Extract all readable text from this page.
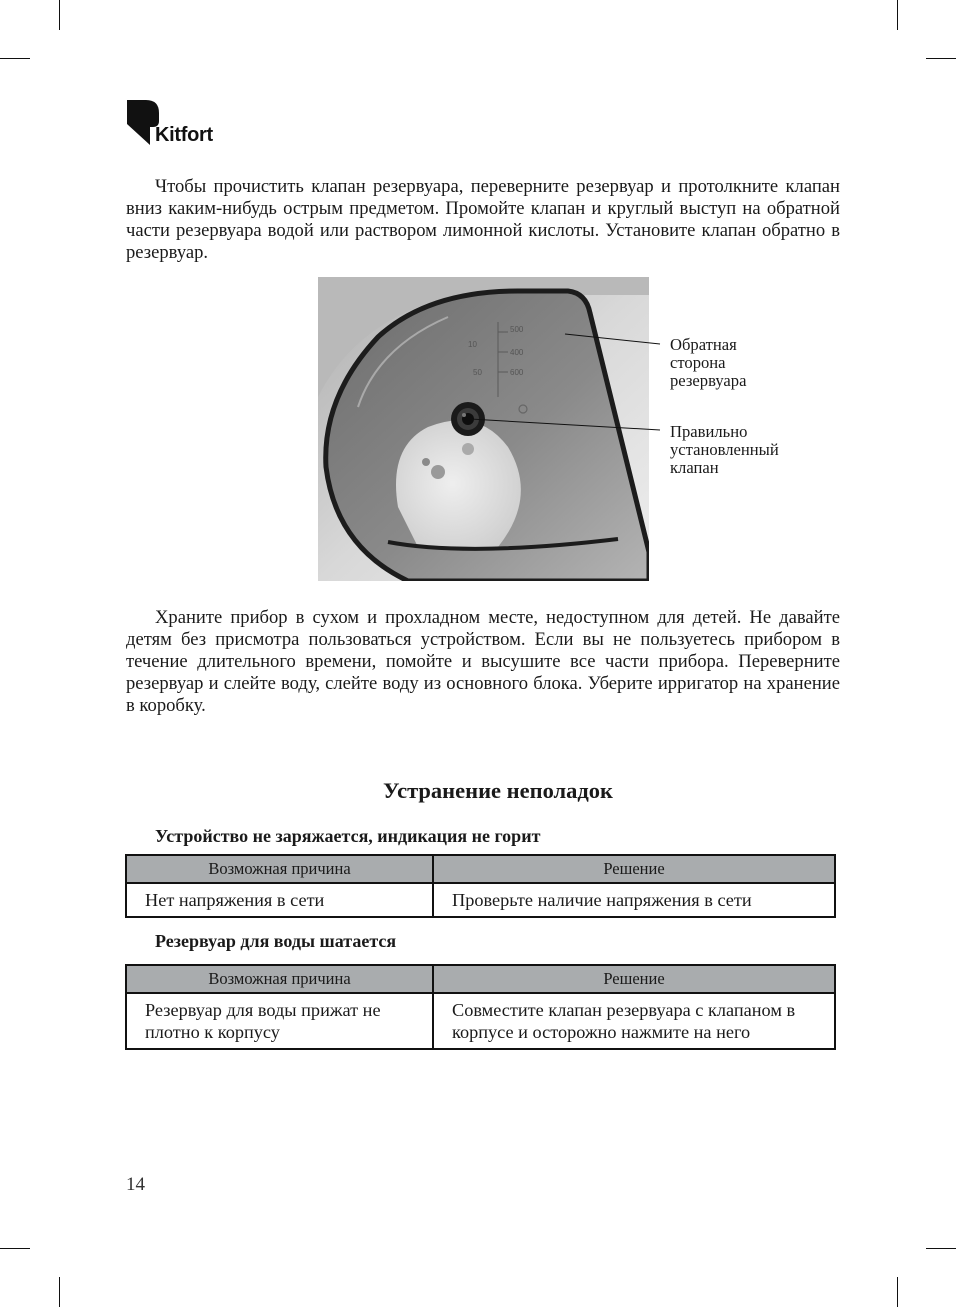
Kitfort

Чтобы прочистить клапан резервуара, переверните резервуар и протолкните клапан вниз каким-нибудь острым предметом. Промойте клапан и круглый выступ на обратной части резервуара водой или раствором лимонной кислоты. Установите клапан обратно в резервуар.

500
400
10
600
50
Обратная
сторона
резервуара
Правильно
установленный
клапан

Храните прибор в сухом и прохладном месте, недоступном для детей. Не давайте детям без присмотра пользоваться устройством. Если вы не пользуетесь прибором в течение длительного времени, помойте и высушите все части прибора. Переверните резервуар и слейте воду, слейте воду из основного блока. Уберите ирригатор на хранение в коробку.

Устранение неполадок

Устройство не заряжается, индикация не горит

Возможная причина	Решение
Нет напряжения в сети	Проверьте наличие напряжения в сети

Резервуар для воды шатается

Возможная причина	Решение
Резервуар для воды прижат не плотно к корпусу	Совместите клапан резервуара с клапаном в корпусе и осторожно нажмите на него
14
